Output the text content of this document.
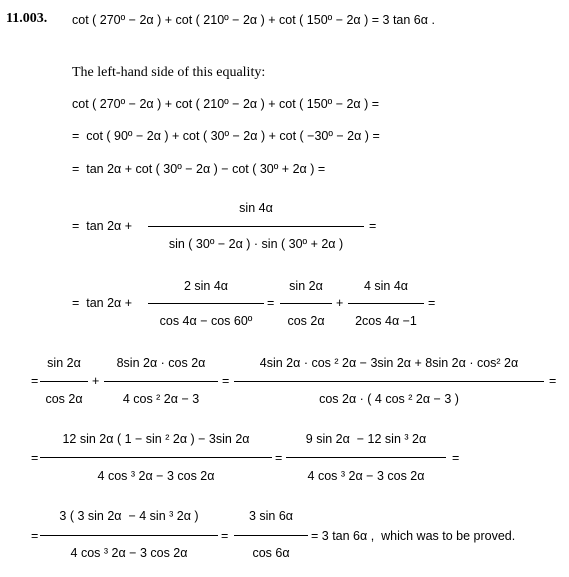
11.003. cot ( 270º − 2α ) + cot ( 210º − 2α ) + cot ( 150º − 2α ) = 3 tan 6α .
The left-hand side of this equality:
cot ( 270º − 2α ) + cot ( 210º − 2α ) + cot ( 150º − 2α ) =
=  cot ( 90º − 2α ) + cot ( 30º − 2α ) + cot ( −30º − 2α ) =
=  tan 2α + cot ( 30º − 2α ) − cot ( 30º + 2α ) =
=  tan 2α +
sin 4α
sin ( 30º − 2α ) · sin ( 30º + 2α )
=
=  tan 2α +
2 sin 4α
cos 4α − cos 60º
=
sin 2α
cos 2α
+
4 sin 4α
2cos 4α −1
=
=
sin 2α
cos 2α
+
8sin 2α · cos 2α
4 cos ² 2α − 3
=
4sin 2α · cos ² 2α − 3sin 2α + 8sin 2α · cos² 2α
cos 2α · ( 4 cos ² 2α − 3 )
=
=
12 sin 2α ( 1 − sin ² 2α ) − 3sin 2α
4 cos ³ 2α − 3 cos 2α
=
9 sin 2α  − 12 sin ³ 2α
4 cos ³ 2α − 3 cos 2α
=
=
3 ( 3 sin 2α  − 4 sin ³ 2α )
4 cos ³ 2α − 3 cos 2α
=
3 sin 6α
cos 6α
= 3 tan 6α ,  which was to be proved.
